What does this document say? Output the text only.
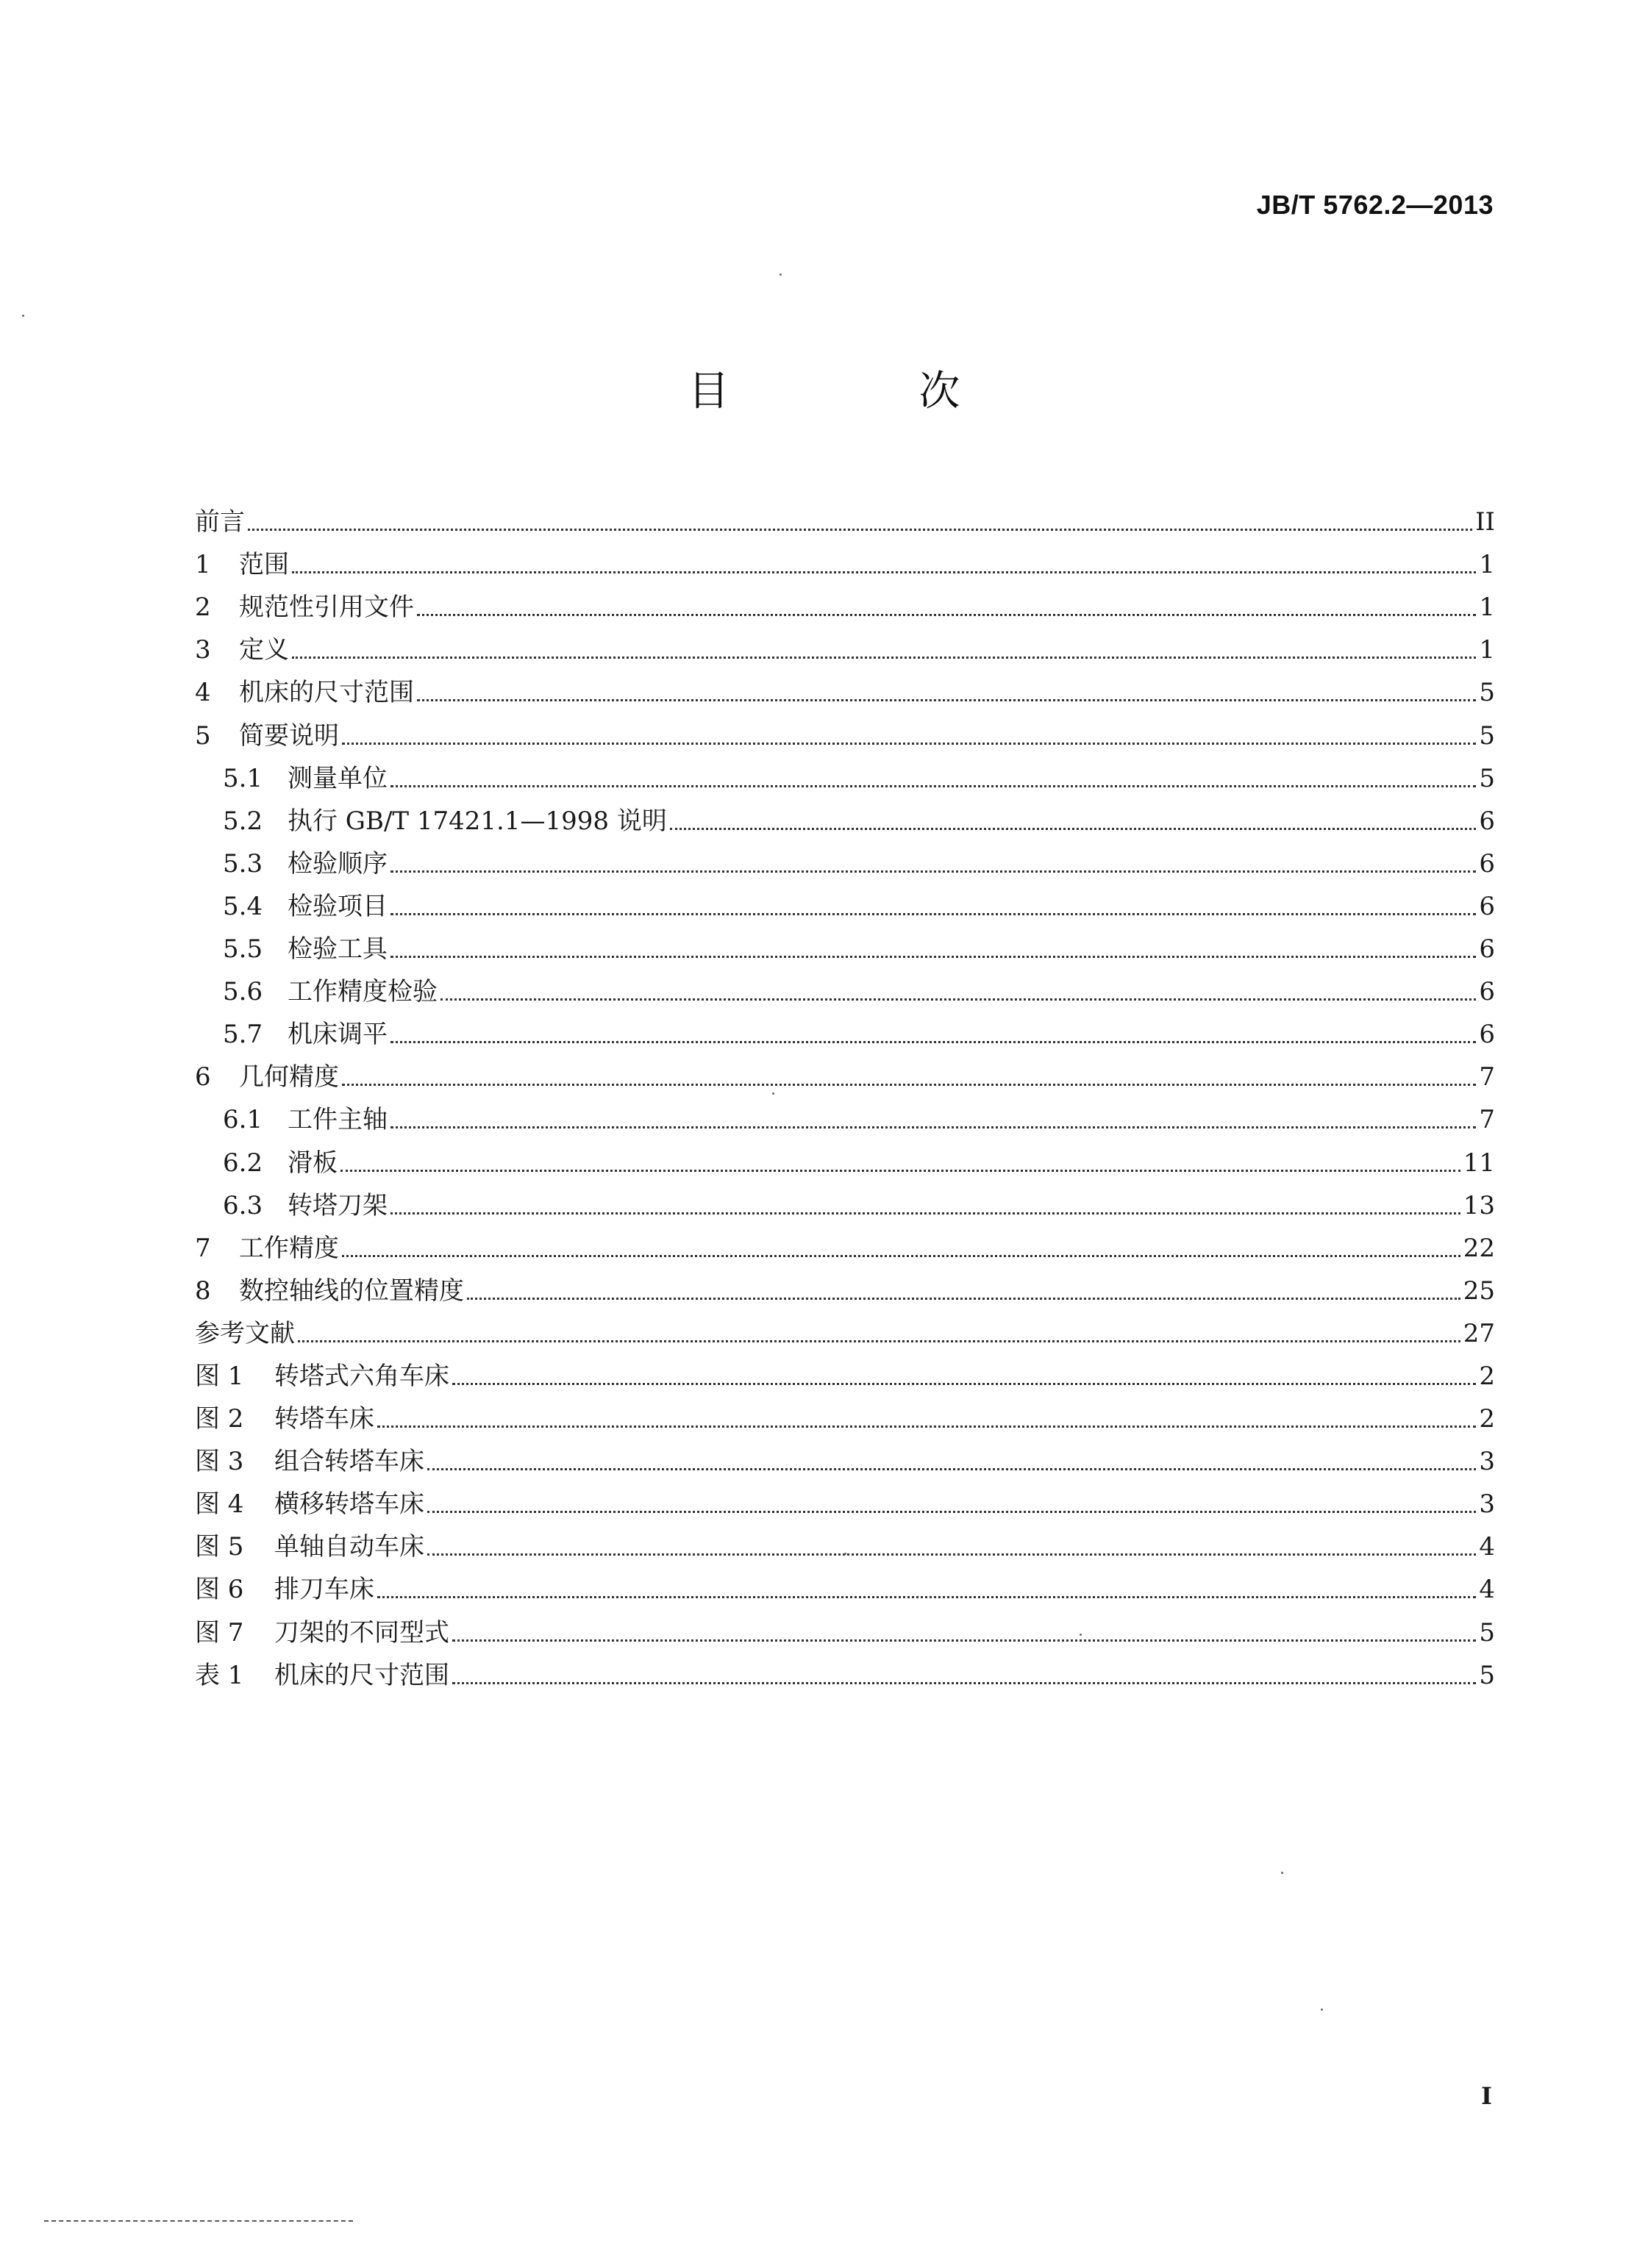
JB/T 5762.2—2013
目 次
前言	II
1	范围	1
2	规范性引用文件	1
3	定义	1
4	机床的尺寸范围	5
5	简要说明	5
5.1 测量单位	5
5.2 执行 GB/T 17421.1—1998 说明	6
5.3 检验顺序	6
5.4 检验项目	6
5.5 检验工具	6
5.6 工作精度检验	6
5.7 机床调平	6
6	几何精度	7
6.1 工件主轴	7
6.2 滑板	11
6.3 转塔刀架	13
7	工作精度	22
8	数控轴线的位置精度	25
参考文献	27
图 1	转塔式六角车床	2
图 2	转塔车床	2
图 3	组合转塔车床	3
图 4	横移转塔车床	3
图 5	单轴自动车床	4
图 6	排刀车床	4
图 7	刀架的不同型式	5
表 1	机床的尺寸范围	5
I
